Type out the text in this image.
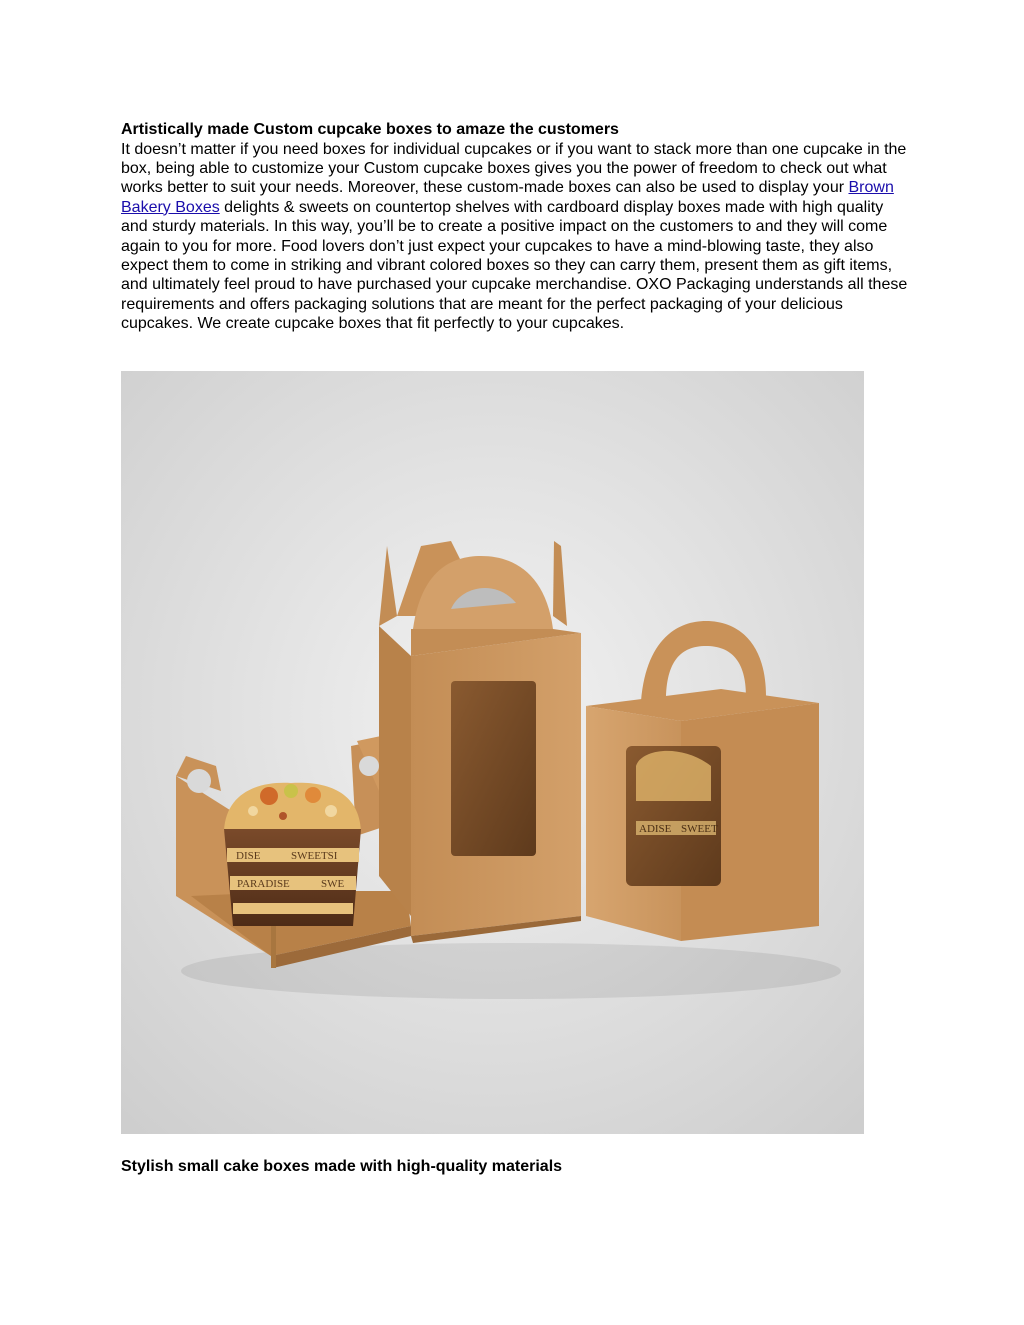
Artistically made Custom cupcake boxes to amaze the customers

It doesn’t matter if you need boxes for individual cupcakes or if you want to stack more than one cupcake in the box, being able to customize your Custom cupcake boxes gives you the power of freedom to check out what works better to suit your needs. Moreover, these custom-made boxes can also be used to display your Brown Bakery Boxes delights & sweets on countertop shelves with cardboard display boxes made with high quality and sturdy materials. In this way, you’ll be to create a positive impact on the customers to and they will come again to you for more. Food lovers don’t just expect your cupcakes to have a mind-blowing taste, they also expect them to come in striking and vibrant colored boxes so they can carry them, present them as gift items, and ultimately feel proud to have purchased your cupcake merchandise. OXO Packaging understands all these requirements and offers packaging solutions that are meant for the perfect packaging of your delicious cupcakes. We create cupcake boxes that fit perfectly to your cupcakes.

DISE	SWEETSI
PARADISE	SWE
ADISE SWEET

Stylish small cake boxes made with high-quality materials
